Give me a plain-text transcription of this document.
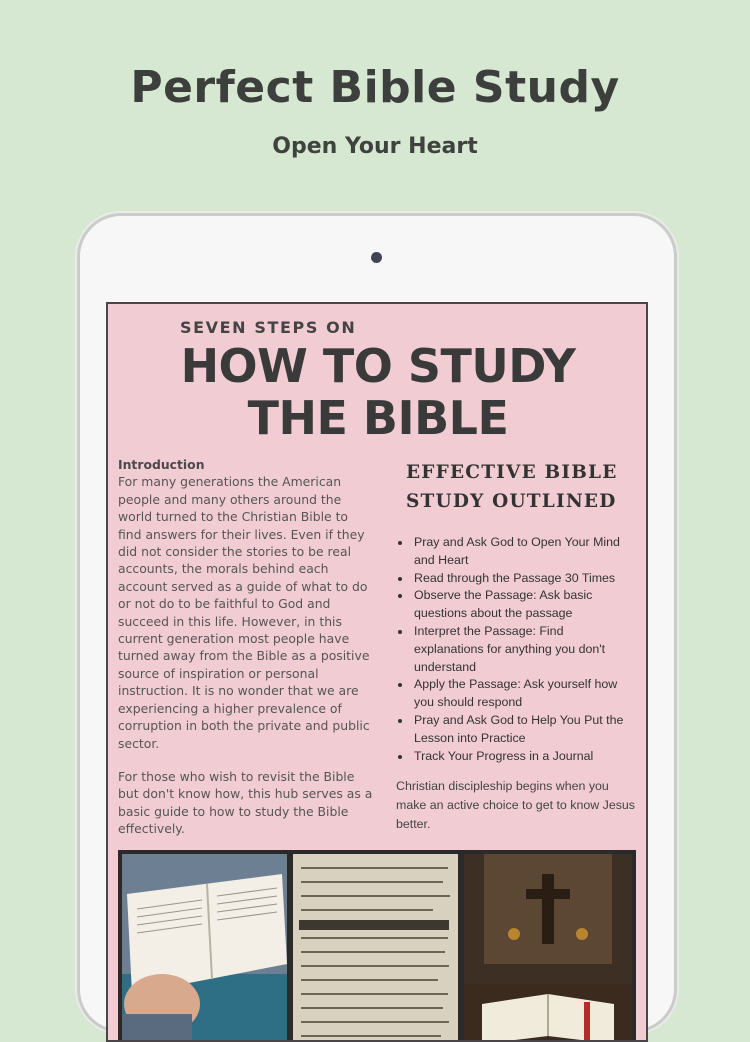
Perfect Bible Study
Open Your Heart
SEVEN STEPS ON
HOW TO STUDY
THE BIBLE
Introduction

For many generations the American people and many others around the world turned to the Christian Bible to find answers for their lives. Even if they did not consider the stories to be real accounts, the morals behind each account served as a guide of what to do or not do to be faithful to God and succeed in this life. However, in this current generation most people have turned away from the Bible as a positive source of inspiration or personal instruction. It is no wonder that we are experiencing a higher prevalence of corruption in both the private and public sector.

For those who wish to revisit the Bible but don't know how, this hub serves as a basic guide to how to study the Bible effectively.

EFFECTIVE BIBLE
STUDY OUTLINED
• Pray and Ask God to Open Your Mind and Heart
• Read through the Passage 30 Times
• Observe the Passage: Ask basic questions about the passage
• Interpret the Passage: Find explanations for anything you don't understand
• Apply the Passage: Ask yourself how you should respond
• Pray and Ask God to Help You Put the Lesson into Practice
• Track Your Progress in a Journal

Christian discipleship begins when you make an active choice to get to know Jesus better.
